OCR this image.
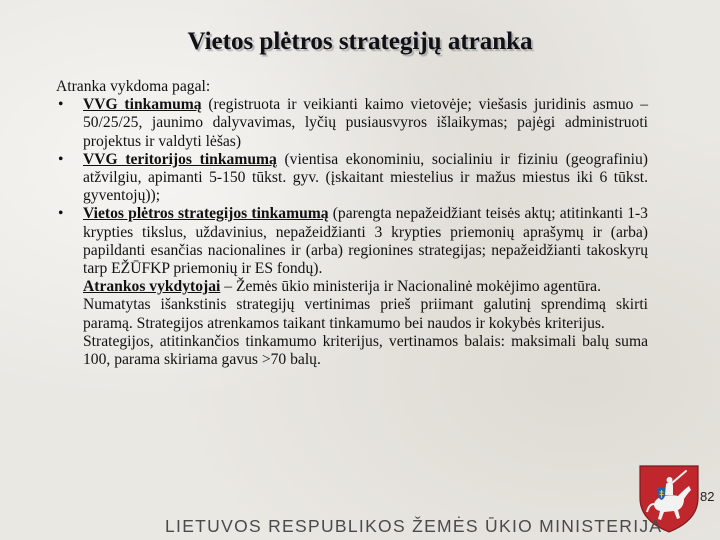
Vietos plėtros strategijų atranka

Atranka vykdoma pagal:

• VVG tinkamumą (registruota ir veikianti kaimo vietovėje; viešasis juridinis asmuo – 50/25/25, jaunimo dalyvavimas, lyčių pusiausvyros išlaikymas; pajėgi administruoti projektus ir valdyti lėšas)
• VVG teritorijos tinkamumą (vientisa ekonominiu, socialiniu ir fiziniu (geografiniu) atžvilgiu, apimanti 5-150 tūkst. gyv. (įskaitant miestelius ir mažus miestus iki 6 tūkst. gyventojų));
• Vietos plėtros strategijos tinkamumą (parengta nepažeidžiant teisės aktų; atitinkanti 1-3 krypties tikslus, uždavinius, nepažeidžianti 3 krypties priemonių aprašymų ir (arba) papildanti esančias nacionalines ir (arba) regionines strategijas; nepažeidžianti takoskyrų tarp EŽŪFKP priemonių ir ES fondų).

Atrankos vykdytojai – Žemės ūkio ministerija ir Nacionalinė mokėjimo agentūra.

Numatytas išankstinis strategijų vertinimas prieš priimant galutinį sprendimą skirti paramą. Strategijos atrenkamos taikant tinkamumo bei naudos ir kokybės kriterijus.

Strategijos, atitinkančios tinkamumo kriterijus, vertinamos balais: maksimali balų suma 100, parama skiriama gavus >70 balų.

82
LIETUVOS RESPUBLIKOS ŽEMĖS ŪKIO MINISTERIJA
